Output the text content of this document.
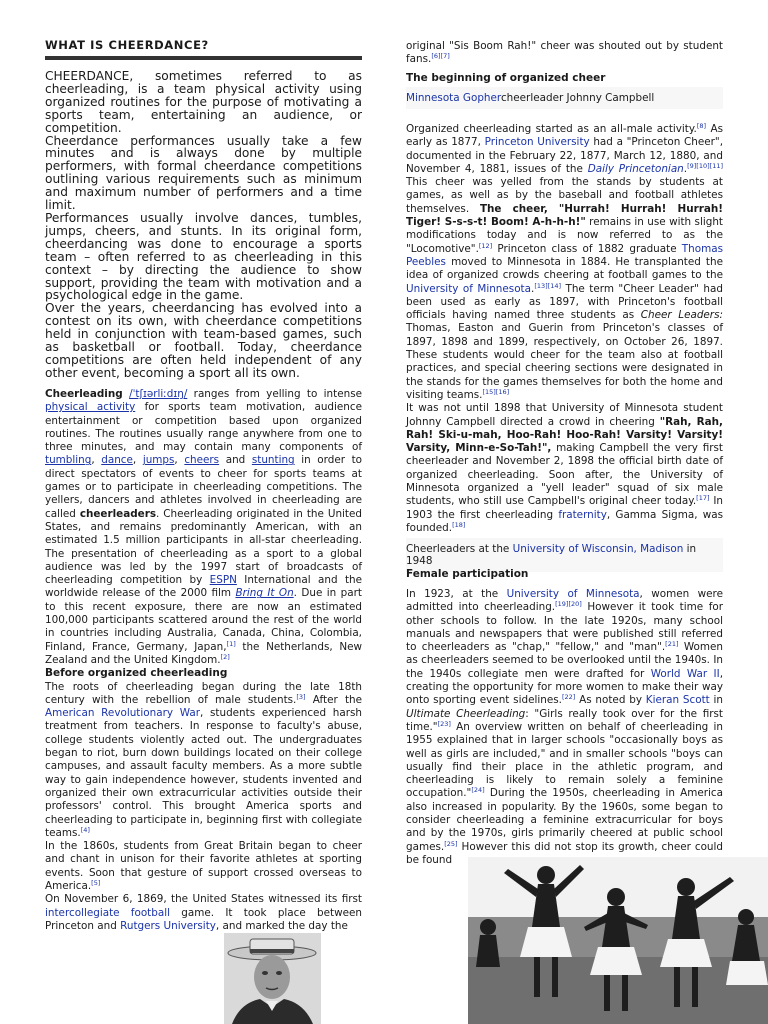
WHAT IS CHEERDANCE?

CHEERDANCE, sometimes referred to as cheerleading, is a team physical activity using organized routines for the purpose of motivating a sports team, entertaining an audience, or competition.

Cheerdance performances usually take a few minutes and is always done by multiple performers, with formal cheerdance competitions outlining various requirements such as minimum and maximum number of performers and a time limit.

Performances usually involve dances, tumbles, jumps, cheers, and stunts. In its original form, cheerdancing was done to encourage a sports team – often referred to as cheerleading in this context – by directing the audience to show support, providing the team with motivation and a psychological edge in the game.

Over the years, cheerdancing has evolved into a contest on its own, with cheerdance competitions held in conjunction with team-based games, such as basketball or football. Today, cheerdance competitions are often held independent of any other event, becoming a sport all its own.

Cheerleading /ˈtʃɪərliːdɪŋ/ ranges from yelling to intense physical activity for sports team motivation, audience entertainment or competition based upon organized routines. The routines usually range anywhere from one to three minutes, and may contain many components of tumbling, dance, jumps, cheers and stunting in order to direct spectators of events to cheer for sports teams at games or to participate in cheerleading competitions. The yellers, dancers and athletes involved in cheerleading are called cheerleaders. Cheerleading originated in the United States, and remains predominantly American, with an estimated 1.5 million participants in all-star cheerleading. The presentation of cheerleading as a sport to a global audience was led by the 1997 start of broadcasts of cheerleading competition by ESPN International and the worldwide release of the 2000 film Bring It On. Due in part to this recent exposure, there are now an estimated 100,000 participants scattered around the rest of the world in countries including Australia, Canada, China, Colombia, Finland, France, Germany, Japan,[1] the Netherlands, New Zealand and the United Kingdom.[2]

Before organized cheerleading

The roots of cheerleading began during the late 18th century with the rebellion of male students.[3] After the American Revolutionary War, students experienced harsh treatment from teachers. In response to faculty's abuse, college students violently acted out. The undergraduates began to riot, burn down buildings located on their college campuses, and assault faculty members. As a more subtle way to gain independence however, students invented and organized their own extracurricular activities outside their professors' control. This brought America sports and cheerleading to participate in, beginning first with collegiate teams.[4]

In the 1860s, students from Great Britain began to cheer and chant in unison for their favorite athletes at sporting events. Soon that gesture of support crossed overseas to America.[5]

On November 6, 1869, the United States witnessed its first intercollegiate football game. It took place between Princeton and Rutgers University, and marked the day the

original "Sis Boom Rah!" cheer was shouted out by student fans.[6][7]

The beginning of organized cheer

Minnesota Gophercheerleader Johnny Campbell

Organized cheerleading started as an all-male activity.[8] As early as 1877, Princeton University had a "Princeton Cheer", documented in the February 22, 1877, March 12, 1880, and November 4, 1881, issues of the Daily Princetonian.[9][10][11] This cheer was yelled from the stands by students at games, as well as by the baseball and football athletes themselves. The cheer, "Hurrah! Hurrah! Hurrah! Tiger! S-s-s-t! Boom! A-h-h-h!" remains in use with slight modifications today and is now referred to as the "Locomotive".[12] Princeton class of 1882 graduate Thomas Peebles moved to Minnesota in 1884. He transplanted the idea of organized crowds cheering at football games to the University of Minnesota.[13][14] The term "Cheer Leader" had been used as early as 1897, with Princeton's football officials having named three students as Cheer Leaders: Thomas, Easton and Guerin from Princeton's classes of 1897, 1898 and 1899, respectively, on October 26, 1897. These students would cheer for the team also at football practices, and special cheering sections were designated in the stands for the games themselves for both the home and visiting teams.[15][16]

It was not until 1898 that University of Minnesota student Johnny Campbell directed a crowd in cheering "Rah, Rah, Rah! Ski-u-mah, Hoo-Rah! Hoo-Rah! Varsity! Varsity! Varsity, Minn-e-So-Tah!", making Campbell the very first cheerleader and November 2, 1898 the official birth date of organized cheerleading. Soon after, the University of Minnesota organized a "yell leader" squad of six male students, who still use Campbell's original cheer today.[17] In 1903 the first cheerleading fraternity, Gamma Sigma, was founded.[18]

Cheerleaders at the University of Wisconsin, Madison in 1948

Female participation

In 1923, at the University of Minnesota, women were admitted into cheerleading.[19][20] However it took time for other schools to follow. In the late 1920s, many school manuals and newspapers that were published still referred to cheerleaders as "chap," "fellow," and "man".[21] Women as cheerleaders seemed to be overlooked until the 1940s. In the 1940s collegiate men were drafted for World War II, creating the opportunity for more women to make their way onto sporting event sidelines.[22] As noted by Kieran Scott in Ultimate Cheerleading: "Girls really took over for the first time."[23] An overview written on behalf of cheerleading in 1955 explained that in larger schools "occasionally boys as well as girls are included," and in smaller schools "boys can usually find their place in the athletic program, and cheerleading is likely to remain solely a feminine occupation."[24] During the 1950s, cheerleading in America also increased in popularity. By the 1960s, some began to consider cheerleading a feminine extracurricular for boys and by the 1970s, girls primarily cheered at public school games.[25] However this did not stop its growth, cheer could be found
